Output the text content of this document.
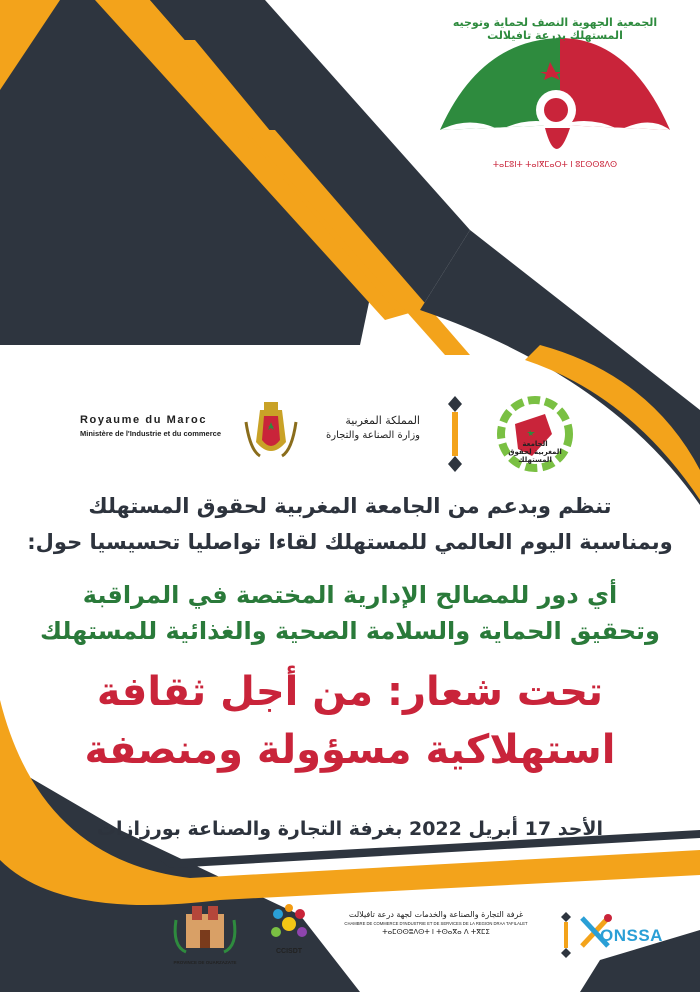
الجمعية الجهوية النصف لحماية وتوجيه المستهلك بدرعة تافيلالت
ⵜⴰⵎⵓⵏⵜ ⵜⴰⵏⴳⵎⴰⵔⵜ ⵏ ⵓⵎⵙⵙⵓⴷⵙ
Royaume du Maroc
Ministère de l'Industrie et du commerce
المملكة المغربية
وزارة الصناعة والتجارة
الجامعة المغربية لحقوق المستهلك
تنظم وبدعم من الجامعة المغربية لحقوق المستهلك
وبمناسبة اليوم العالمي للمستهلك لقاءا تواصليا تحسيسيا حول:
أي دور للمصالح الإدارية المختصة في المراقبة
وتحقيق الحماية والسلامة الصحية والغذائية للمستهلك
تحت شعار: من أجل ثقافة
استهلاكية مسؤولة ومنصفة
الأحد 17 أبريل 2022 بغرفة التجارة والصناعة بورزازات
PROVINCE DE OUARZAZATE
CCISDT
غرفة التجارة والصناعة والخدمات لجهة درعة تافيلالت
CHAMBRE DE COMMERCE D'INDUSTRIE ET DE SERVICES DE LA REGION DRAA TAFILALET
ⵜⴰⵎⵙⵙⵓⴷⵙⵜ ⵏ ⵜⵙⴰⴳⴰ ⴷ ⵜⴳⵎⵉ	ONSSA
